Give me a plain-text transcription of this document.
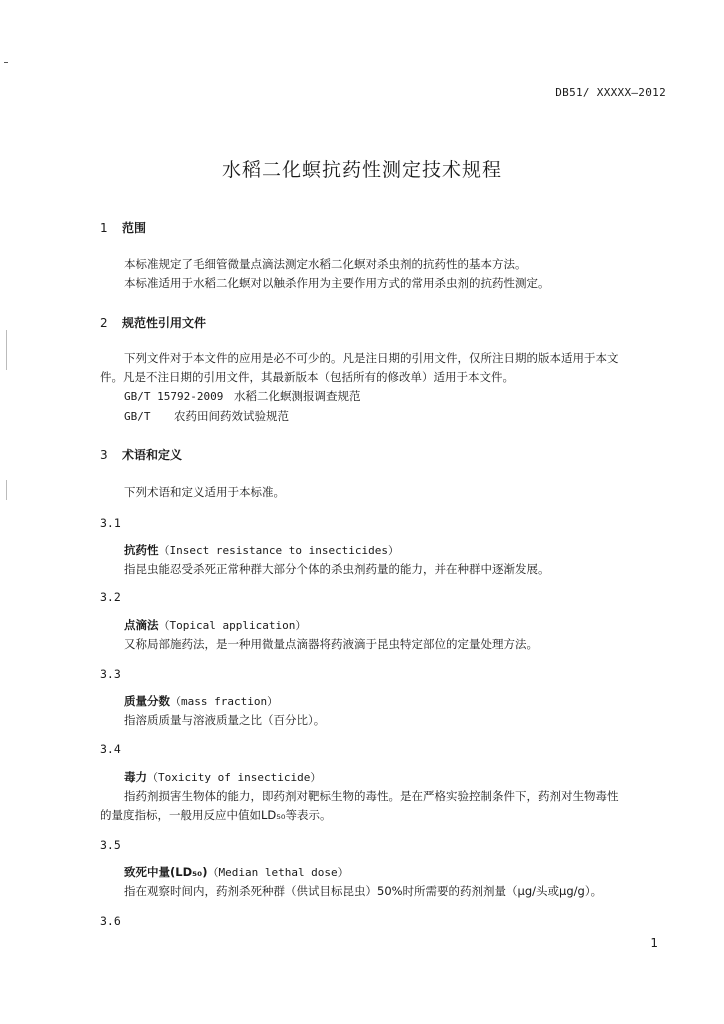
DB51/ XXXXX—2012
水稻二化螟抗药性测定技术规程
1 范围
本标准规定了毛细管微量点滴法测定水稻二化螟对杀虫剂的抗药性的基本方法。
本标准适用于水稻二化螟对以触杀作用为主要作用方式的常用杀虫剂的抗药性测定。
2 规范性引用文件
下列文件对于本文件的应用是必不可少的。凡是注日期的引用文件，仅所注日期的版本适用于本文
件。凡是不注日期的引用文件，其最新版本（包括所有的修改单）适用于本文件。
GB/T 15792-2009 水稻二化螟测报调查规范
GB/T 农药田间药效试验规范
3 术语和定义
下列术语和定义适用于本标准。
3.1
抗药性（Insect resistance to insecticides）
指昆虫能忍受杀死正常种群大部分个体的杀虫剂药量的能力，并在种群中逐渐发展。
3.2
点滴法（Topical application）
又称局部施药法，是一种用微量点滴器将药液滴于昆虫特定部位的定量处理方法。
3.3
质量分数（mass fraction）
指溶质质量与溶液质量之比（百分比）。
3.4
毒力（Toxicity of insecticide）
指药剂损害生物体的能力，即药剂对靶标生物的毒性。是在严格实验控制条件下，药剂对生物毒性
的量度指标，一般用反应中值如LD₅₀等表示。
3.5
致死中量(LD₅₀)（Median lethal dose）
指在观察时间内，药剂杀死种群（供试目标昆虫）50%时所需要的药剂剂量（μg/头或μg/g）。
3.6
1
